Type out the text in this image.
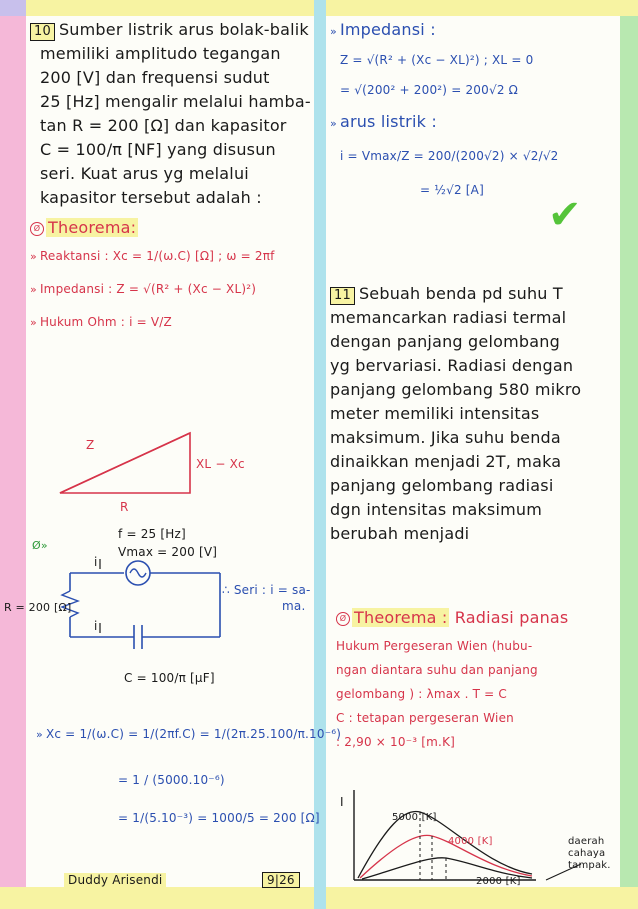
10 Sumber listrik arus bolak-balik
memiliki amplitudo tegangan
200 [V] dan frequensi sudut
25 [Hz] mengalir melalui hamba-
tan R = 200 [Ω] dan kapasitor
C = 100/π [NF] yang disusun
seri. Kuat arus yg melalui
kapasitor tersebut adalah :
Ø Theorema:
» Reaktansi : Xc = 1/(ω.C) [Ω] ; ω = 2πf
» Impedansi : Z = √(R² + (Xc − XL)²)
» Hukum Ohm : i = V/Z
Z
R
XL − Xc
f = 25 [Hz]
Vmax = 200 [V]
Ø»
i
i
R = 200 [Ω]
C = 100/π [μF]
∴ Seri : i = sa-
ma.
» Xc = 1/(ω.C) = 1/(2πf.C) = 1/(2π.25.100/π.10⁻⁶)
= 1 / (5000.10⁻⁶)
= 1/(5.10⁻³) = 1000/5 = 200 [Ω]
Duddy Arisendi	9|26
» Impedansi :
Z = √(R² + (Xc − XL)²) ; XL = 0
= √(200² + 200²) = 200√2 Ω
» arus listrik :
i = Vmax/Z = 200/(200√2) × √2/√2
= ½√2 [A]
✔
11 Sebuah benda pd suhu T
memancarkan radiasi termal
dengan panjang gelombang
yg bervariasi. Radiasi dengan
panjang gelombang 580 mikro
meter memiliki intensitas
maksimum. Jika suhu benda
dinaikkan menjadi 2T, maka
panjang gelombang radiasi
dgn intensitas maksimum
berubah menjadi
Ø Theorema : Radiasi panas
Hukum Pergeseran Wien (hubu-
ngan diantara suhu dan panjang
gelombang ) : λmax . T = C
C : tetapan pergeseran Wien
: 2,90 × 10⁻³ [m.K]
I
5000 [K]
4000 [K]
2000 [K]
daerah cahaya tampak.
